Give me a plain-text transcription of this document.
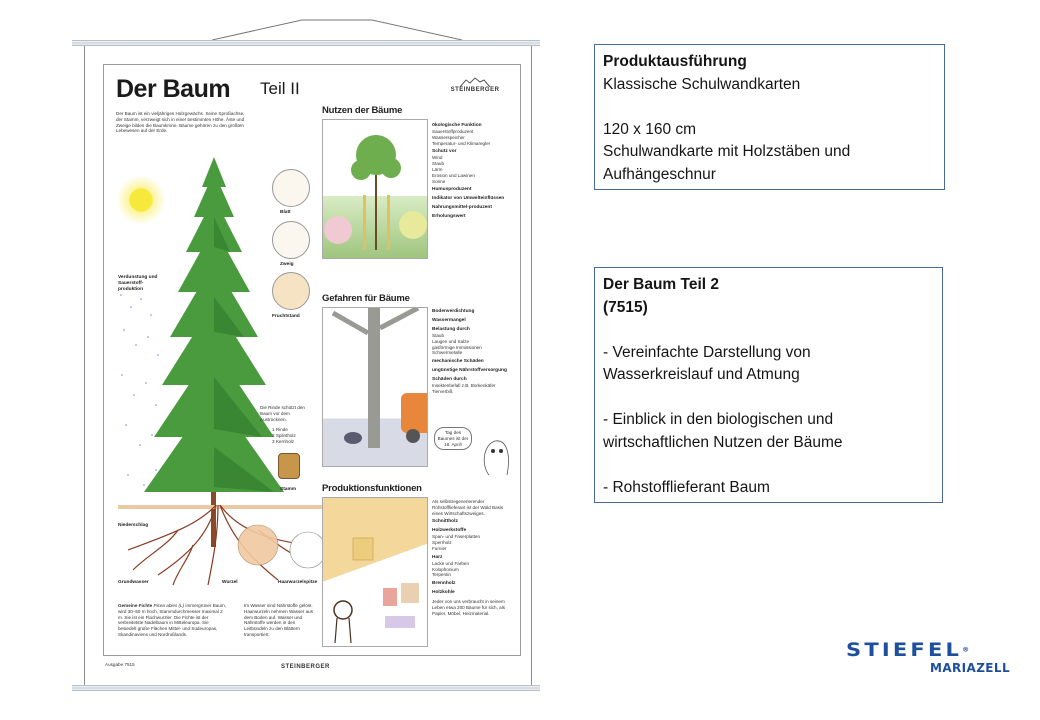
Der Baum Teil II	STEINBERGER
Der Baum ist ein vieljähriges Holzgewächs. Seine Sproßachse, der Stamm, verzweigt sich in einer bestimmten Höhe. Äste und Zweige bilden die Baumkrone. Bäume gehören zu den größten Lebewesen auf der Erde.
Blatt
Zweig
Fruchtstand
Verdunstung und Sauerstoff-produktion
Die Rinde schützt den Baum vor dem Austrocknen.
1 Rinde
2 Splintholz
3 Kernholz
Stamm
Niederschlag
Grundwasser	Wurzel	Haarwurzelspitze
Gemeine Fichte Picea abies (L) immergrüner Baum, wird 30–50 m hoch, Stammdurchmesser maximal 2 m. Sie ist ein Flachwurzler. Die Fichte ist der verbreitetste Nadelbaum in Mitteleuropa. Sie besiedelt große Flächen Mittel- und Südeuropas, Skandinaviens und Nordrußlands.
Im Wasser sind Nährstoffe gelöst. Haarwurzeln nehmen Wasser aus dem Boden auf. Wasser und Nährstoffe werden in den Leitbündeln zu den Blättern transportiert.
Nutzen der Bäume
ökologische Funktion
Sauerstoffproduzent
Wasserspeicher
Temperatur- und Klimaregler
Schutz vor
Wind
Staub
Lärm
Erosion und Lawinen
Sonne
Humusproduzent
Indikator von Umwelteinflüssen
Nahrungsmittel-produzent
Erholungswert
Gefahren für Bäume
Bodenverdichtung
Wassermangel
Belastung durch
Staub
Laugen und Salze
gasförmige Immissionen
Schwermetalle
mechanische Schäden
ungünstige Nährstoffversorgung
Schäden durch
Insektenbefall z.B. Borkenkäfer
Tierverbiß
Tag des Baumes ist der 18. April!
Produktionsfunktionen
Als selbstregenerierender Rohstofflieferant ist der Wald Basis eines Wirtschaftszweiges.
Schnittholz
Holzwerkstoffe
Span- und Faserplatten
Sperrholz
Furnier
Harz
Lacke und Farben
Kolophonium
Terpentin
Brennholz
Holzkohle
Jeder von uns verbraucht in seinem Leben etwa 200 Bäume für sich, als Papier, Möbel, Heizmaterial.
Ausgabe 7515	STEINBERGER
Produktausführung
Klassische Schulwandkarten
120 x 160 cm
Schulwandkarte mit Holzstäben und
Aufhängeschnur
Der Baum Teil 2
(7515)
- Vereinfachte Darstellung von
Wasserkreislauf und Atmung
- Einblick in den biologischen und
wirtschaftlichen Nutzen der Bäume
- Rohstofflieferant Baum
STIEFEL®
MARIAZELL
